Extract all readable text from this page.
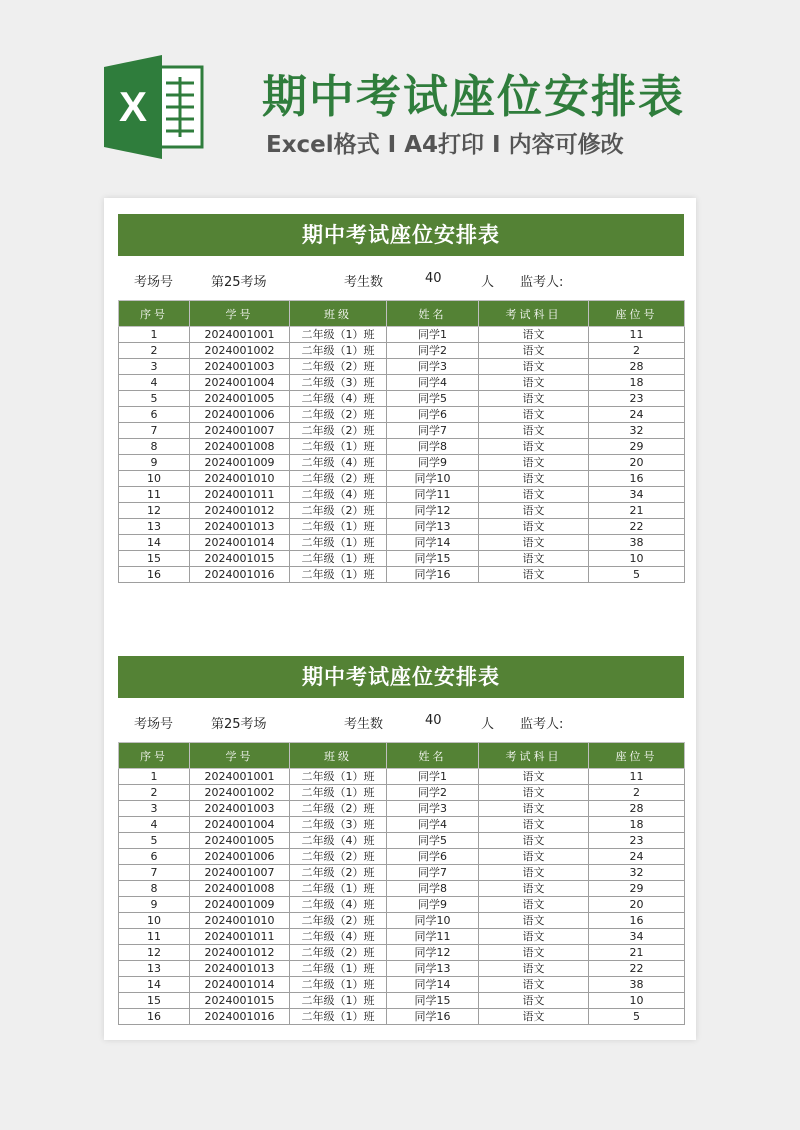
X	期中考试座位安排表

Excel格式 I A4打印 I 内容可修改

期中考试座位安排表
考场号	第25考场	考生数	40	人 监考人:
序号	学号	班级	姓名	考试科目	座位号
1	2024001001	二年级（1）班	同学1	语文	11
2	2024001002	二年级（1）班	同学2	语文	2
3	2024001003	二年级（2）班	同学3	语文	28
4	2024001004	二年级（3）班	同学4	语文	18
5	2024001005	二年级（4）班	同学5	语文	23
6	2024001006	二年级（2）班	同学6	语文	24
7	2024001007	二年级（2）班	同学7	语文	32
8	2024001008	二年级（1）班	同学8	语文	29
9	2024001009	二年级（4）班	同学9	语文	20
10	2024001010	二年级（2）班	同学10	语文	16
11	2024001011	二年级（4）班	同学11	语文	34
12	2024001012	二年级（2）班	同学12	语文	21
13	2024001013	二年级（1）班	同学13	语文	22
14	2024001014	二年级（1）班	同学14	语文	38
15	2024001015	二年级（1）班	同学15	语文	10
16	2024001016	二年级（1）班	同学16	语文	5
期中考试座位安排表
考场号	第25考场	考生数	40	人 监考人:
序号	学号	班级	姓名	考试科目	座位号
1	2024001001	二年级（1）班	同学1	语文	11
2	2024001002	二年级（1）班	同学2	语文	2
3	2024001003	二年级（2）班	同学3	语文	28
4	2024001004	二年级（3）班	同学4	语文	18
5	2024001005	二年级（4）班	同学5	语文	23
6	2024001006	二年级（2）班	同学6	语文	24
7	2024001007	二年级（2）班	同学7	语文	32
8	2024001008	二年级（1）班	同学8	语文	29
9	2024001009	二年级（4）班	同学9	语文	20
10	2024001010	二年级（2）班	同学10	语文	16
11	2024001011	二年级（4）班	同学11	语文	34
12	2024001012	二年级（2）班	同学12	语文	21
13	2024001013	二年级（1）班	同学13	语文	22
14	2024001014	二年级（1）班	同学14	语文	38
15	2024001015	二年级（1）班	同学15	语文	10
16	2024001016	二年级（1）班	同学16	语文	5
